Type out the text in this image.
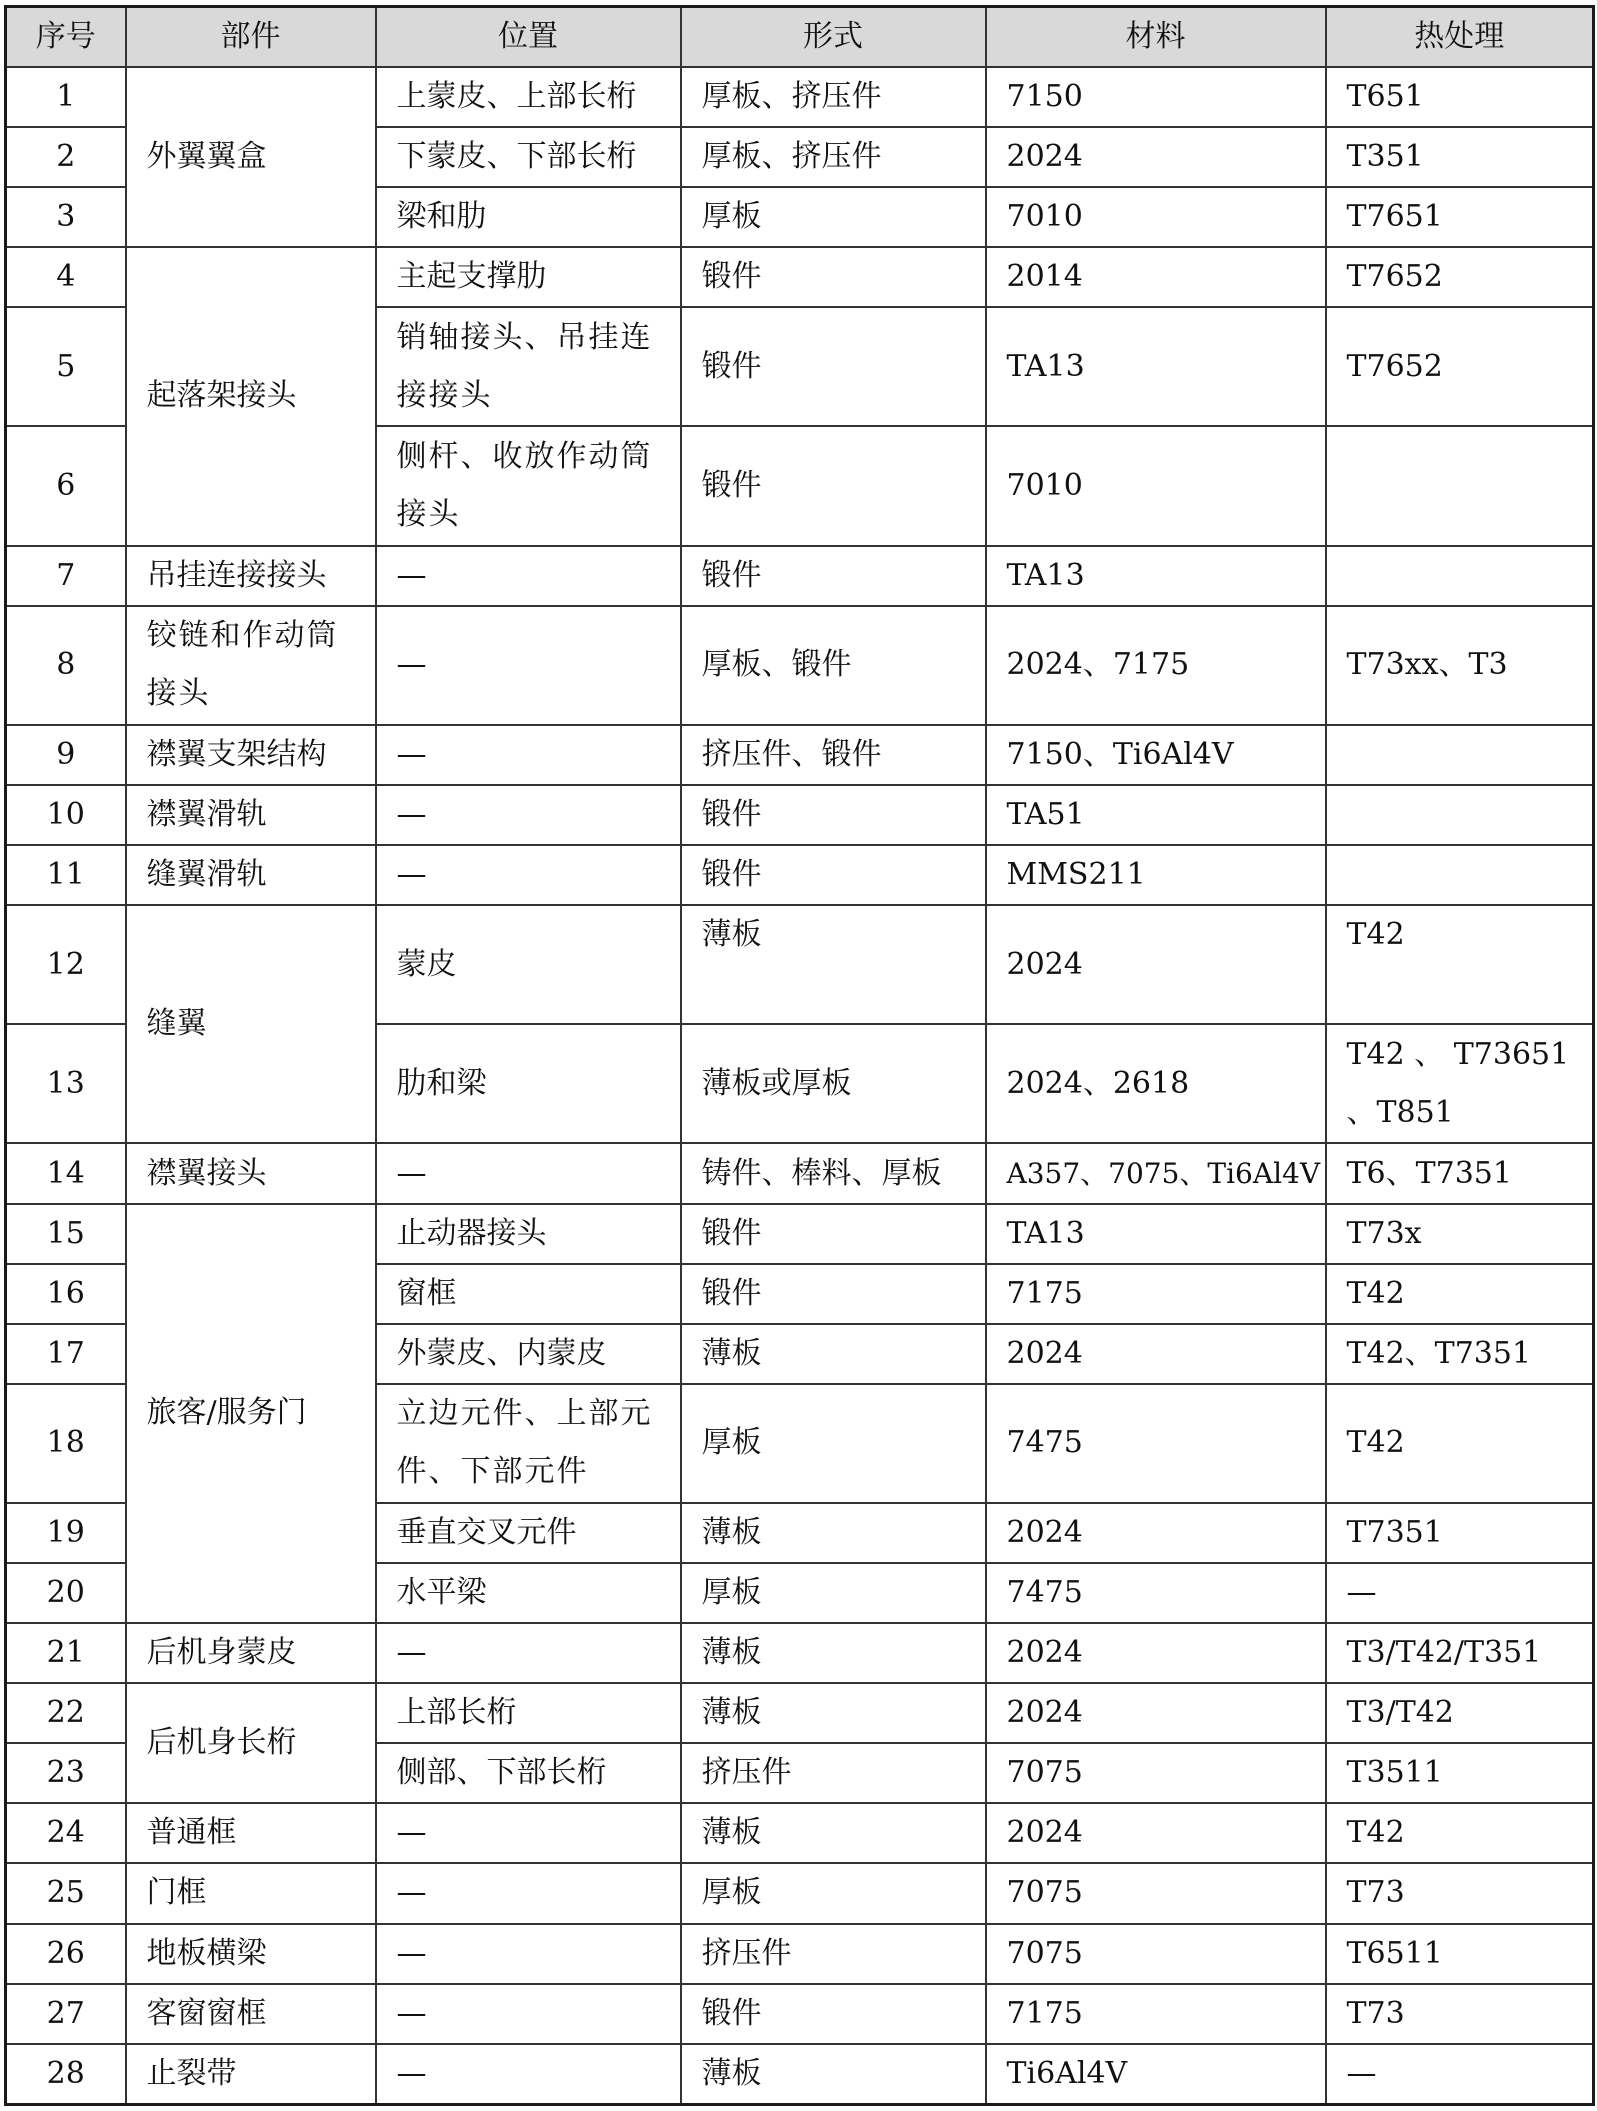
序号	部件	位置	形式	材料	热处理
1	外翼翼盒	上蒙皮、上部长桁	厚板、挤压件	7150	T651
2		下蒙皮、下部长桁	厚板、挤压件	2024	T351
3		梁和肋	厚板	7010	T7651
4	起落架接头	主起支撑肋	锻件	2014	T7652
5		销轴接头、吊挂连接接头	锻件	TA13	T7652
6		侧杆、收放作动筒接头	锻件	7010	
7	吊挂连接接头	—	锻件	TA13	
8	铰链和作动筒接头	—	厚板、锻件	2024、7175	T73xx、T3
9	襟翼支架结构	—	挤压件、锻件	7150、Ti6Al4V	
10	襟翼滑轨	—	锻件	TA51	
11	缝翼滑轨	—	锻件	MMS211	
12	缝翼	蒙皮	薄板	2024	T42
13		肋和梁	薄板或厚板	2024、2618	T42 、 T73651 、T851
14	襟翼接头	—	铸件、棒料、厚板	A357、7075、Ti6Al4V	T6、T7351
15	旅客/服务门	止动器接头	锻件	TA13	T73x
16		窗框	锻件	7175	T42
17		外蒙皮、内蒙皮	薄板	2024	T42、T7351
18		立边元件、上部元件、下部元件	厚板	7475	T42
19		垂直交叉元件	薄板	2024	T7351
20		水平梁	厚板	7475	—
21	后机身蒙皮	—	薄板	2024	T3/T42/T351
22	后机身长桁	上部长桁	薄板	2024	T3/T42
23		侧部、下部长桁	挤压件	7075	T3511
24	普通框	—	薄板	2024	T42
25	门框	—	厚板	7075	T73
26	地板横梁	—	挤压件	7075	T6511
27	客窗窗框	—	锻件	7175	T73
28	止裂带	—	薄板	Ti6Al4V	—
